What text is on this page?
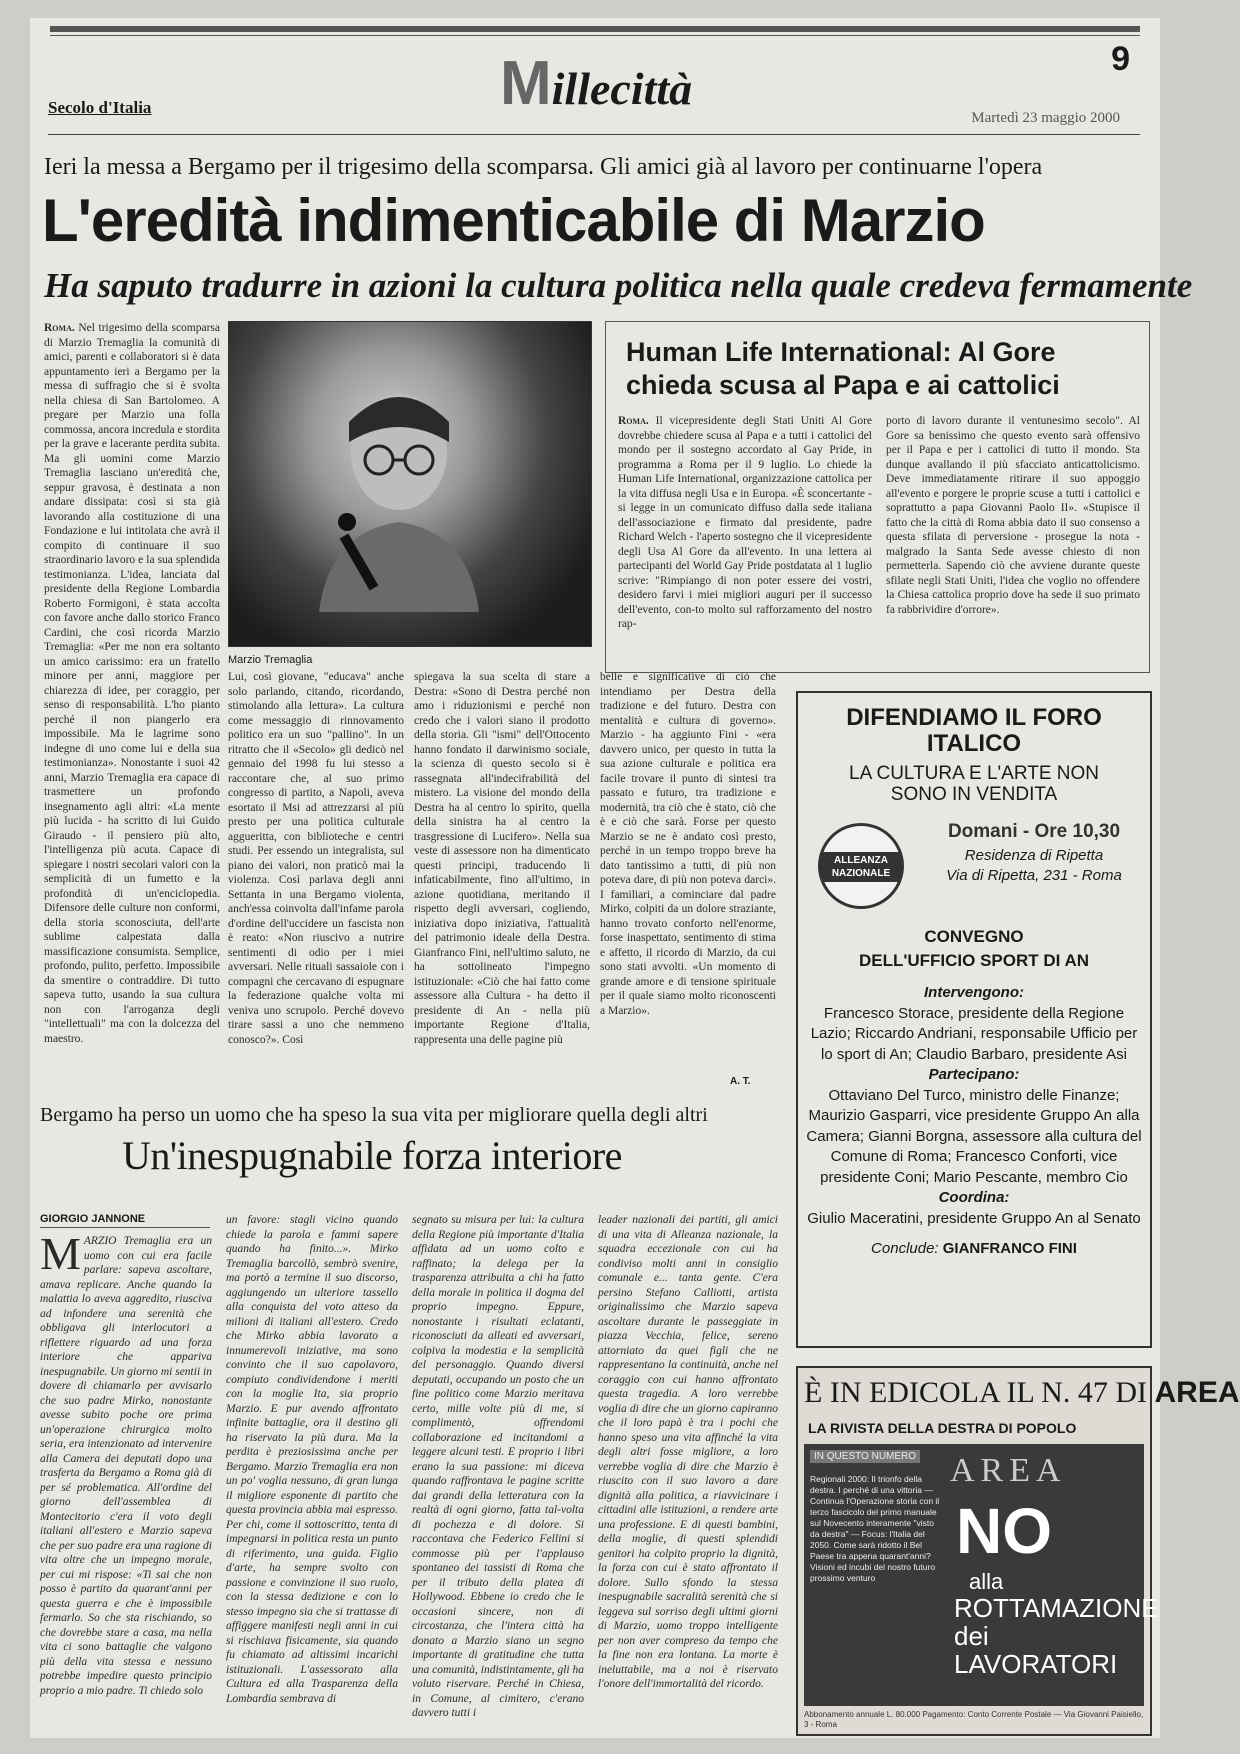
Millecittà
9
Secolo d'Italia
Martedì 23 maggio 2000
Ieri la messa a Bergamo per il trigesimo della scomparsa. Gli amici già al lavoro per continuarne l'opera
L'eredità indimenticabile di Marzio
Ha saputo tradurre in azioni la cultura politica nella quale credeva fermamente
Roma. Nel trigesimo della scomparsa di Marzio Tremaglia la comunità di amici, parenti e collaboratori si è data appuntamento ieri a Bergamo per la messa di suffragio che si è svolta nella chiesa di San Bartolomeo. A pregare per Marzio una folla commossa, ancora incredula e stordita per la grave e lacerante perdita subita. Ma gli uomini come Marzio Tremaglia lasciano un'eredità che, seppur gravosa, è destinata a non andare dissipata: così si sta già lavorando alla costituzione di una Fondazione e lui intitolata che avrà il compito di continuare il suo straordinario lavoro e la sua splendida testimonianza. L'idea, lanciata dal presidente della Regione Lombardia Roberto Formigoni, è stata accolta con favore anche dallo storico Franco Cardini, che così ricorda Marzio Tremaglia: «Per me non era soltanto un amico carissimo: era un fratello minore per anni, maggiore per chiarezza di idee, per coraggio, per senso di responsabilità. L'ho pianto perché il non piangerlo era impossibile. Ma le lagrime sono indegne di uno come lui e della sua testimonianza». Nonostante i suoi 42 anni, Marzio Tremaglia era capace di trasmettere un profondo insegnamento agli altri: «La mente più lucida - ha scritto di lui Guido Giraudo - il pensiero più alto, l'intelligenza più acuta. Capace di spiegare i nostri secolari valori con la semplicità di un fumetto e la profondità di un'enciclopedia. Difensore delle culture non conformi, della storia sconosciuta, dell'arte sublime calpestata dalla massificazione consumista. Semplice, profondo, pulito, perfetto. Impossibile da smentire o contraddire. Di tutto sapeva tutto, usando la sua cultura non con l'arroganza degli "intellettuali" ma con la dolcezza del maestro.
Marzio Tremaglia
Lui, così giovane, "educava" anche solo parlando, citando, ricordando, stimolando alla lettura». La cultura come messaggio di rinnovamento politico era un suo "pallino". In un ritratto che il «Secolo» gli dedicò nel gennaio del 1998 fu lui stesso a raccontare che, al suo primo congresso di partito, a Napoli, aveva esortato il Msi ad attrezzarsi al più presto per una politica culturale aggueritta, con biblioteche e centri studi. Per essendo un integralista, sul piano dei valori, non praticò mai la violenza. Così parlava degli anni Settanta in una Bergamo violenta, anch'essa coinvolta dall'infame parola d'ordine dell'uccidere un fascista non è reato: «Non riuscivo a nutrire sentimenti di odio per i miei avversari. Nelle rituali sassaiole con i compagni che cercavano di espugnare la federazione qualche volta mi veniva uno scrupolo. Perché dovevo tirare sassi a uno che nemmeno conosco?». Così
spiegava la sua scelta di stare a Destra: «Sono di Destra perché non amo i riduzionismi e perché non credo che i valori siano il prodotto della storia. Gli "ismi" dell'Ottocento hanno fondato il darwinismo sociale, la scienza di questo secolo si è rassegnata all'indecifrabilità del mistero. La visione del mondo della Destra ha al centro lo spirito, quella della sinistra ha al centro la trasgressione di Lucifero». Nella sua veste di assessore non ha dimenticato questi principi, traducendo li infaticabilmente, fino all'ultimo, in azione quotidiana, meritando il rispetto degli avversari, cogliendo, iniziativa dopo iniziativa, l'attualità del patrimonio ideale della Destra. Gianfranco Fini, nell'ultimo saluto, ne ha sottolineato l'impegno istituzionale: «Ciò che hai fatto come assessore alla Cultura - ha detto il presidente di An - nella più importante Regione d'Italia, rappresenta una delle pagine più
belle e significative di ciò che intendiamo per Destra della tradizione e del futuro. Destra con mentalità e cultura di governo». Marzio - ha aggiunto Fini - «era davvero unico, per questo in tutta la sua azione culturale e politica era facile trovare il punto di sintesi tra passato e futuro, tra tradizione e modernità, tra ciò che è stato, ciò che è e ciò che sarà. Forse per questo Marzio se ne è andato così presto, perché in un tempo troppo breve ha dato tantissimo a tutti, di più non poteva dare, di più non poteva darci». I familiari, a cominciare dal padre Mirko, colpiti da un dolore straziante, hanno trovato conforto nell'enorme, forse inaspettato, sentimento di stima e affetto, il ricordo di Marzio, da cui sono stati avvolti. «Un momento di grande amore e di tensione spirituale per il quale siamo molto riconoscenti a Marzio».
A. T.
Human Life International: Al Gore chieda scusa al Papa e ai cattolici
Roma. Il vicepresidente degli Stati Uniti Al Gore dovrebbe chiedere scusa al Papa e a tutti i cattolici del mondo per il sostegno accordato al Gay Pride, in programma a Roma per il 9 luglio. Lo chiede la Human Life International, organizzazione cattolica per la vita diffusa negli Usa e in Europa. «È sconcertante - si legge in un comunicato diffuso dalla sede italiana dell'associazione e firmato dal presidente, padre Richard Welch - l'aperto sostegno che il vicepresidente degli Usa Al Gore da all'evento. In una lettera ai partecipanti del World Gay Pride postdatata al 1 luglio scrive: "Rimpiango di non poter essere dei vostri, desidero farvi i miei migliori auguri per il successo dell'evento, con-to molto sul rafforzamento del nostro rap-
porto di lavoro durante il ventunesimo secolo". Al Gore sa benissimo che questo evento sarà offensivo per il Papa e per i cattolici di tutto il mondo. Sta dunque avallando il più sfacciato anticattolicismo. Deve immediatamente ritirare il suo appoggio all'evento e porgere le proprie scuse a tutti i cattolici e soprattutto a papa Giovanni Paolo II». «Stupisce il fatto che la città di Roma abbia dato il suo consenso a questa sfilata di perversione - prosegue la nota - malgrado la Santa Sede avesse chiesto di non permetterla. Sapendo ciò che avviene durante queste sfilate negli Stati Uniti, l'idea che voglio no offendere la Chiesa cattolica proprio dove ha sede il suo primato fa rabbrividire d'orrore».
DIFENDIAMO IL FORO ITALICO
LA CULTURA E L'ARTE NON SONO IN VENDITA
ALLEANZA NAZIONALE
Domani - Ore 10,30
Residenza di Ripetta
Via di Ripetta, 231 - Roma
CONVEGNO
DELL'UFFICIO SPORT DI AN
Intervengono:
Francesco Storace, presidente della Regione Lazio; Riccardo Andriani, responsabile Ufficio per lo sport di An; Claudio Barbaro, presidente Asi
Partecipano:
Ottaviano Del Turco, ministro delle Finanze; Maurizio Gasparri, vice presidente Gruppo An alla Camera; Gianni Borgna, assessore alla cultura del Comune di Roma; Francesco Conforti, vice presidente Coni; Mario Pescante, membro Cio
Coordina:
Giulio Maceratini, presidente Gruppo An al Senato
Conclude: GIANFRANCO FINI
È IN EDICOLA IL N. 47 DI AREA
LA RIVISTA DELLA DESTRA DI POPOLO
IN QUESTO NUMERO
Regionali 2000: Il trionfo della destra. I perché di una vittoria — Continua l'Operazione storia con il terzo fascicolo del primo manuale sul Novecento interamente "visto da destra" — Focus: l'Italia del 2050. Come sarà ridotto il Bel Paese tra appena quarant'anni? Visioni ed incubi del nostro futuro prossimo venturo
AREA
NO
alla
ROTTAMAZIONE dei LAVORATORI
Abbonamento annuale L. 80.000 Pagamento: Conto Corrente Postale — Via Giovanni Paisiello, 3 - Roma
Bergamo ha perso un uomo che ha speso la sua vita per migliorare quella degli altri
Un'inespugnabile forza interiore
GIORGIO JANNONE
M ARZIO Tremaglia era un uomo con cui era facile parlare: sapeva ascoltare, amava replicare. Anche quando la malattia lo aveva aggredito, riusciva ad infondere una serenità che obbligava gli interlocutori a riflettere riguardo ad una forza interiore che appariva inespugnabile. Un giorno mi sentii in dovere di chiamarlo per avvisarlo che suo padre Mirko, nonostante avesse subito poche ore prima un'operazione chirurgica molto seria, era intenzionato ad intervenire alla Camera dei deputati dopo una trasferta da Bergamo a Roma già di per sé problematica. All'ordine del giorno dell'assemblea di Montecitorio c'era il voto degli italiani all'estero e Marzio sapeva che per suo padre era una ragione di vita oltre che un impegno morale, per cui mi rispose: «Ti sai che non posso è partito da quarant'anni per questa guerra e che è impossibile fermarlo. So che sta rischiando, so che dovrebbe stare a casa, ma nella vita ci sono battaglie che valgono più della vita stessa e nessuno potrebbe impedire questo principio proprio a mio padre. Ti chiedo solo
un favore: stagli vicino quando chiede la parola e fammi sapere quando ha finito...». Mirko Tremaglia barcollò, sembrò svenire, ma portò a termine il suo discorso, aggiungendo un ulteriore tassello alla conquista del voto atteso da milioni di italiani all'estero. Credo che Mirko abbia lavorato a innumerevoli iniziative, ma sono convinto che il suo capolavoro, compiuto condividendone i meriti con la moglie Ita, sia proprio Marzio. E pur avendo affrontato infinite battaglie, ora il destino gli ha riservato la più dura. Ma la perdita è preziosissima anche per Bergamo. Marzio Tremaglia era non un po' voglia nessuno, di gran lunga il migliore esponente di partito che questa provincia abbia mai espresso. Per chi, come il sottoscritto, tenta di impegnarsi in politica resta un punto di riferimento, una guida. Figlio d'arte, ha sempre svolto con passione e convinzione il suo ruolo, con la stessa dedizione e con lo stesso impegno sia che si trattasse di affiggere manifesti negli anni in cui si rischiava fisicamente, sia quando fu chiamato ad altissimi incarichi istituzionali. L'assessorato alla Cultura ed alla Trasparenza della Lombardia sembrava di
segnato su misura per lui: la cultura della Regione più importante d'Italia affidata ad un uomo colto e raffinato; la delega per la trasparenza attribuita a chi ha fatto della morale in politica il dogma del proprio impegno. Eppure, nonostante i risultati eclatanti, riconosciuti da alleati ed avversari, colpiva la modestia e la semplicità del personaggio. Quando diversi deputati, occupando un posto che un fine politico come Marzio meritava certo, mille volte più di me, si complimentò, offrendomi collaborazione ed incitandomi a leggere alcuni testi. E proprio i libri erano la sua passione: mi diceva quando raffrontava le pagine scritte dai grandi della letteratura con la realtà di ogni giorno, fatta tal-volta di pochezza e di dolore. Si raccontava che Federico Fellini si commosse più per l'applauso spontaneo dei tassisti di Roma che per il tributo della platea di Hollywood. Ebbene io credo che le occasioni sincere, non di circostanza, che l'intera città ha donato a Marzio siano un segno importante di gratitudine che tutta una comunità, indistintamente, gli ha voluto riservare. Perché in Chiesa, in Comune, al cimitero, c'erano davvero tutti i
leader nazionali dei partiti, gli amici di una vita di Alleanza nazionale, la squadra eccezionale con cui ha condiviso molti anni in consiglio comunale e... tanta gente. C'era persino Stefano Calliotti, artista originalissimo che Marzio sapeva ascoltare durante le passeggiate in piazza Vecchia, felice, sereno attorniato da quei figli che ne rappresentano la continuità, anche nel coraggio con cui hanno affrontato questa tragedia. A loro verrebbe voglia di dire che un giorno capiranno che il loro papà è tra i pochi che hanno speso una vita affinché la vita degli altri fosse migliore, a loro verrebbe voglia di dire che Marzio è riuscito con il suo lavoro a dare dignità alla politica, a riavvicinare i cittadini alle istituzioni, a rendere arte una professione. E di questi bambini, della moglie, di questi splendidi genitori ha colpito proprio la dignità, la forza con cui è stato affrontato il dolore. Sullo sfondo la stessa inespugnabile sacralità serenità che si leggeva sul sorriso degli ultimi giorni di Marzio, uomo troppo intelligente per non aver compreso da tempo che la fine non era lontana. La morte è ineluttabile, ma a noi è riservato l'onore dell'immortalità del ricordo.
